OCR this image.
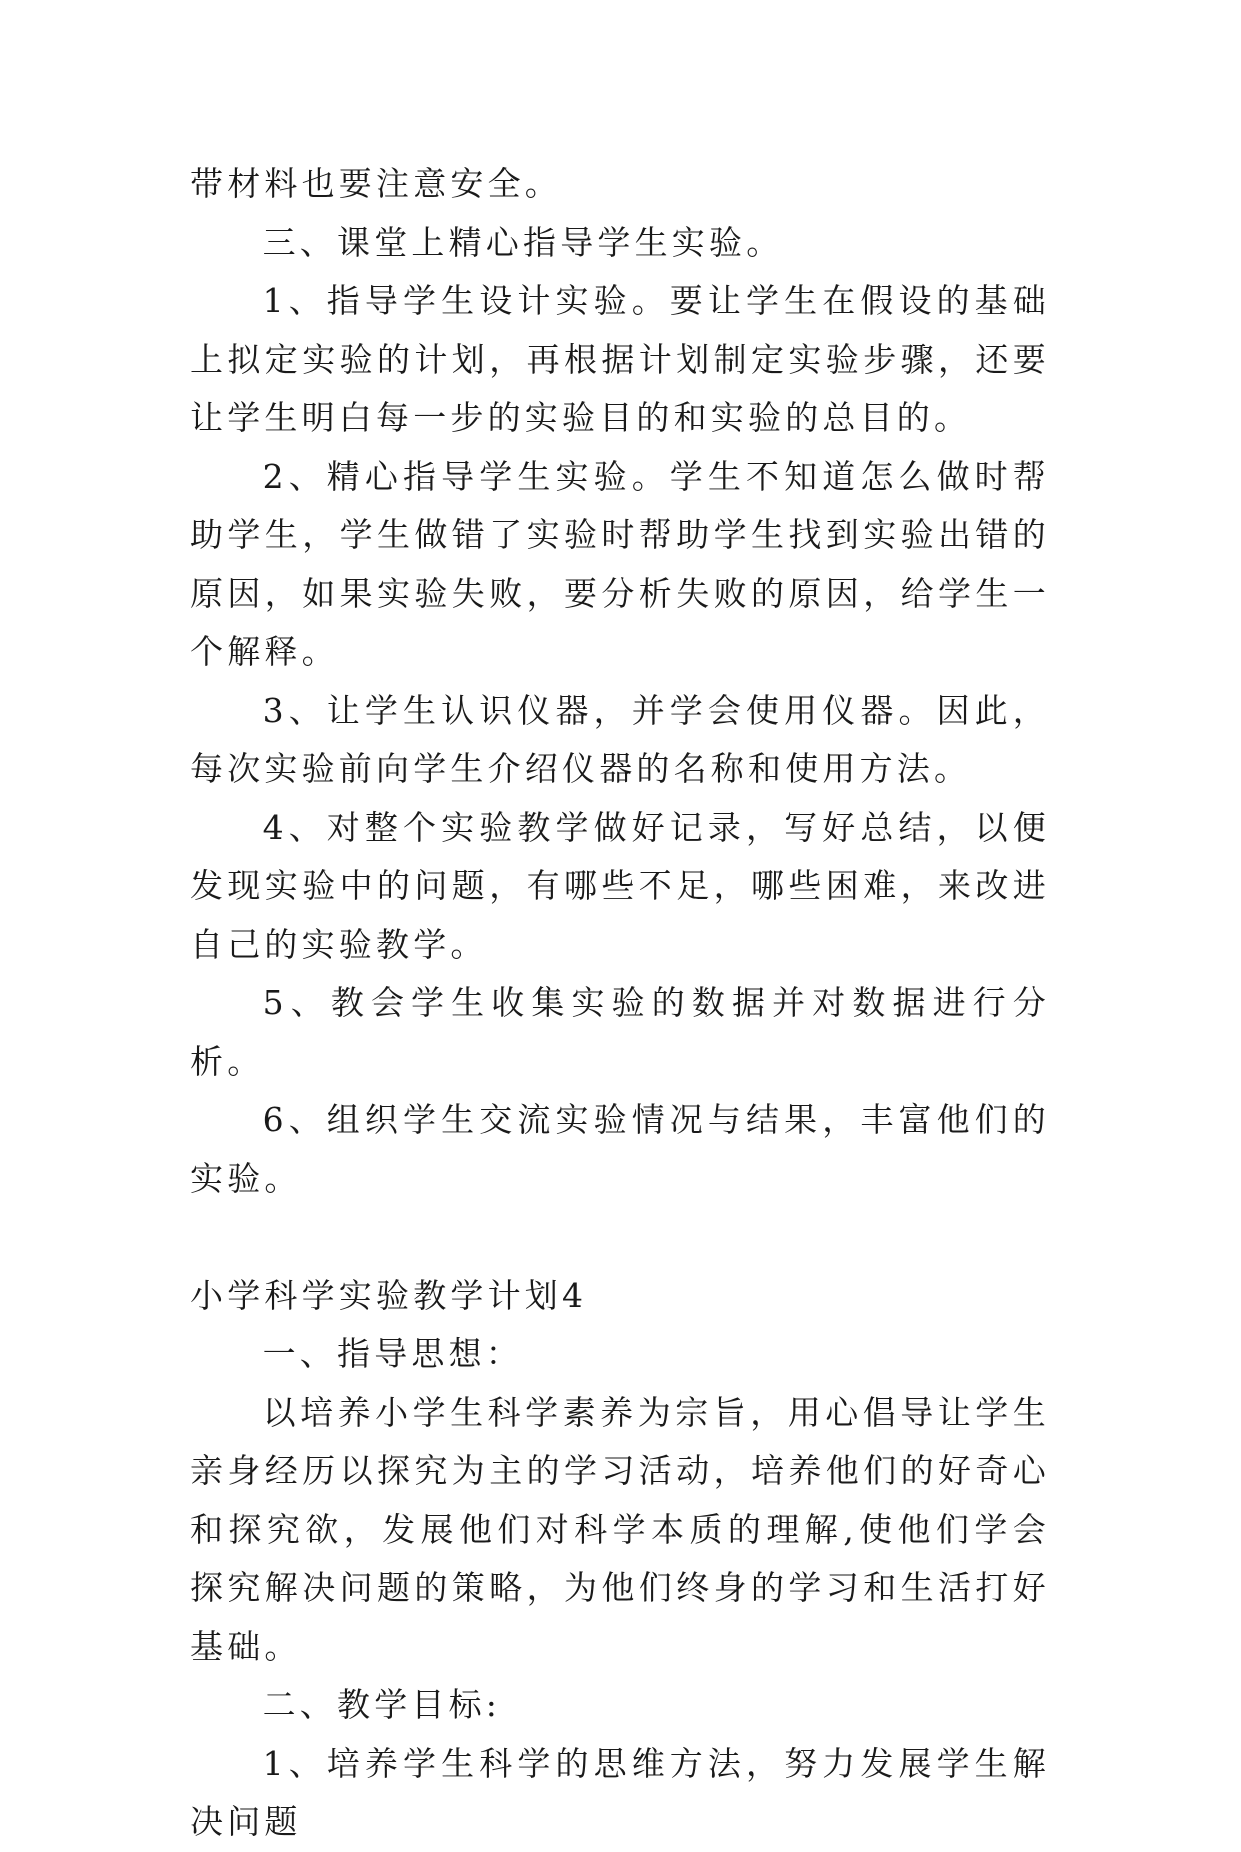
带材料也要注意安全。

三、课堂上精心指导学生实验。

1、指导学生设计实验。要让学生在假设的基础上拟定实验的计划，再根据计划制定实验步骤，还要让学生明白每一步的实验目的和实验的总目的。

2、精心指导学生实验。学生不知道怎么做时帮助学生，学生做错了实验时帮助学生找到实验出错的原因，如果实验失败，要分析失败的原因，给学生一个解释。

3、让学生认识仪器，并学会使用仪器。因此，每次实验前向学生介绍仪器的名称和使用方法。

4、对整个实验教学做好记录，写好总结，以便发现实验中的问题，有哪些不足，哪些困难，来改进自己的实验教学。

5、教会学生收集实验的数据并对数据进行分析。

6、组织学生交流实验情况与结果，丰富他们的实验。

小学科学实验教学计划4

一、指导思想：

以培养小学生科学素养为宗旨，用心倡导让学生亲身经历以探究为主的学习活动，培养他们的好奇心和探究欲，发展他们对科学本质的理解,使他们学会探究解决问题的策略，为他们终身的学习和生活打好基础。

二、教学目标:

1、培养学生科学的思维方法，努力发展学生解决问题
